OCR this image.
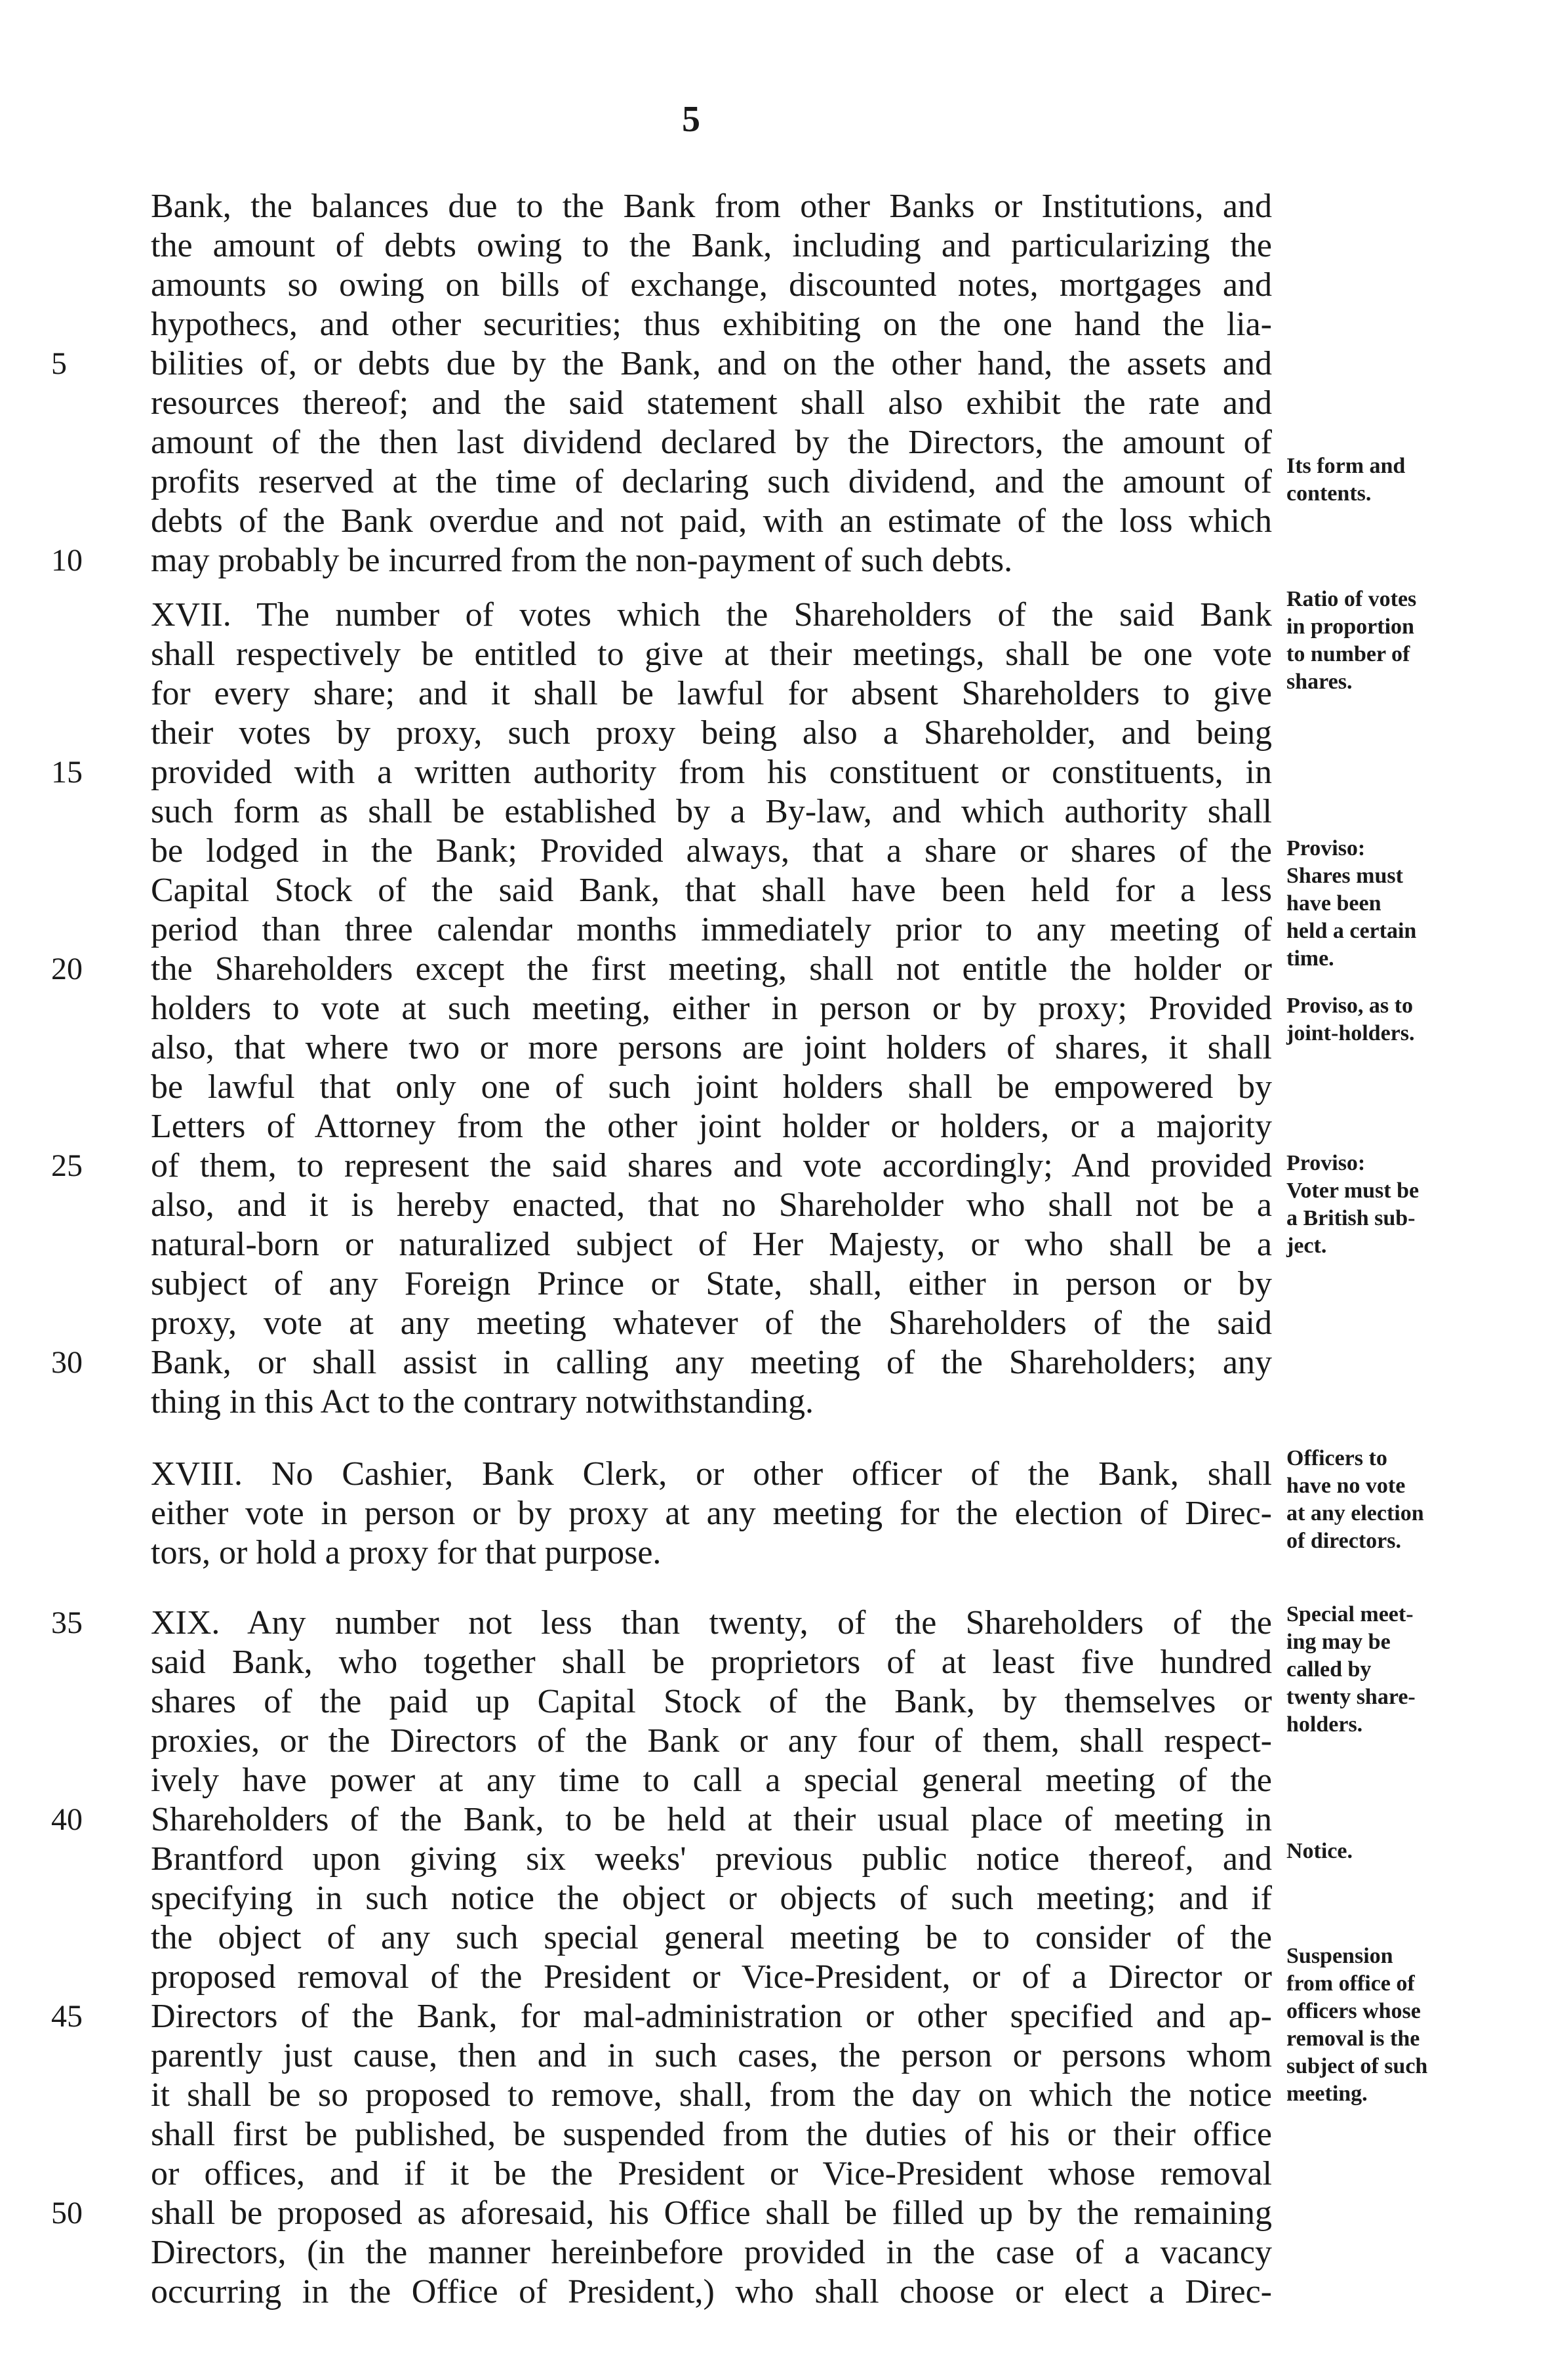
5
Bank, the balances due to the Bank from other Banks or Institutions, and
the amount of debts owing to the Bank, including and particularizing the
amounts so owing on bills of exchange, discounted notes, mortgages and
hypothecs, and other securities; thus exhibiting on the one hand the lia-
bilities of, or debts due by the Bank, and on the other hand, the assets and
resources thereof; and the said statement shall also exhibit the rate and
amount of the then last dividend declared by the Directors, the amount of
profits reserved at the time of declaring such dividend, and the amount of
debts of the Bank overdue and not paid, with an estimate of the loss which
may probably be incurred from the non-payment of such debts.
XVII. The number of votes which the Shareholders of the said Bank
shall respectively be entitled to give at their meetings, shall be one vote
for every share; and it shall be lawful for absent Shareholders to give
their votes by proxy, such proxy being also a Shareholder, and being
provided with a written authority from his constituent or constituents, in
such form as shall be established by a By-law, and which authority shall
be lodged in the Bank; Provided always, that a share or shares of the
Capital Stock of the said Bank, that shall have been held for a less
period than three calendar months immediately prior to any meeting of
the Shareholders except the first meeting, shall not entitle the holder or
holders to vote at such meeting, either in person or by proxy; Provided
also, that where two or more persons are joint holders of shares, it shall
be lawful that only one of such joint holders shall be empowered by
Letters of Attorney from the other joint holder or holders, or a majority
of them, to represent the said shares and vote accordingly; And provided
also, and it is hereby enacted, that no Shareholder who shall not be a
natural-born or naturalized subject of Her Majesty, or who shall be a
subject of any Foreign Prince or State, shall, either in person or by
proxy, vote at any meeting whatever of the Shareholders of the said
Bank, or shall assist in calling any meeting of the Shareholders; any
thing in this Act to the contrary notwithstanding.
XVIII. No Cashier, Bank Clerk, or other officer of the Bank, shall
either vote in person or by proxy at any meeting for the election of Direc-
tors, or hold a proxy for that purpose.
XIX. Any number not less than twenty, of the Shareholders of the
said Bank, who together shall be proprietors of at least five hundred
shares of the paid up Capital Stock of the Bank, by themselves or
proxies, or the Directors of the Bank or any four of them, shall respect-
ively have power at any time to call a special general meeting of the
Shareholders of the Bank, to be held at their usual place of meeting in
Brantford upon giving six weeks' previous public notice thereof, and
specifying in such notice the object or objects of such meeting; and if
the object of any such special general meeting be to consider of the
proposed removal of the President or Vice-President, or of a Director or
Directors of the Bank, for mal-administration or other specified and ap-
parently just cause, then and in such cases, the person or persons whom
it shall be so proposed to remove, shall, from the day on which the notice
shall first be published, be suspended from the duties of his or their office
or offices, and if it be the President or Vice-President whose removal
shall be proposed as aforesaid, his Office shall be filled up by the remaining
Directors, (in the manner hereinbefore provided in the case of a vacancy
occurring in the Office of President,) who shall choose or elect a Direc-
5
10
15
20
25
30
35
40
45
50
Its form and
contents.
Ratio of votes
in proportion
to number of
shares.
Proviso:
Shares must
have been
held a certain
time.
Proviso, as to
joint-holders.
Proviso:
Voter must be
a British sub-
ject.
Officers to
have no vote
at any election
of directors.
Special meet-
ing may be
called by
twenty share-
holders.
Notice.
Suspension
from office of
officers whose
removal is the
subject of such
meeting.
